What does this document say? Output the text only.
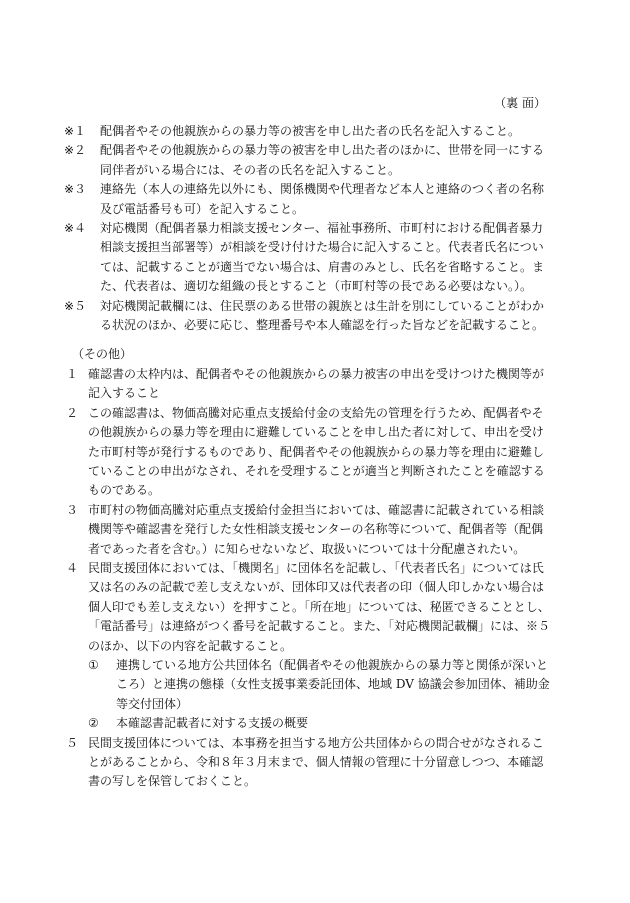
（裏 面）
※１	配偶者やその他親族からの暴力等の被害を申し出た者の氏名を記入すること。
※２	配偶者やその他親族からの暴力等の被害を申し出た者のほかに、世帯を同一にする同伴者がいる場合には、その者の氏名を記入すること。
※３	連絡先（本人の連絡先以外にも、関係機関や代理者など本人と連絡のつく者の名称及び電話番号も可）を記入すること。
※４	対応機関（配偶者暴力相談支援センター、福祉事務所、市町村における配偶者暴力相談支援担当部署等）が相談を受け付けた場合に記入すること。代表者氏名については、記載することが適当でない場合は、肩書のみとし、氏名を省略すること。また、代表者は、適切な組織の長とすること（市町村等の長である必要はない。）。
※５	対応機関記載欄には、住民票のある世帯の親族とは生計を別にしていることがわかる状況のほか、必要に応じ、整理番号や本人確認を行った旨などを記載すること。
（その他）
１ 確認書の太枠内は、配偶者やその他親族からの暴力被害の申出を受けつけた機関等が記入すること
２ この確認書は、物価高騰対応重点支援給付金の支給先の管理を行うため、配偶者やその他親族からの暴力等を理由に避難していることを申し出た者に対して、申出を受けた市町村等が発行するものであり、配偶者やその他親族からの暴力等を理由に避難していることの申出がなされ、それを受理することが適当と判断されたことを確認するものである。
３ 市町村の物価高騰対応重点支援給付金担当においては、確認書に記載されている相談機関等や確認書を発行した女性相談支援センターの名称等について、配偶者等（配偶者であった者を含む。）に知らせないなど、取扱いについては十分配慮されたい。
４ 民間支援団体においては、「機関名」に団体名を記載し、「代表者氏名」については氏又は名のみの記載で差し支えないが、団体印又は代表者の印（個人印しかない場合は個人印でも差し支えない）を押すこと。「所在地」については、秘匿できることとし、「電話番号」は連絡がつく番号を記載すること。また、「対応機関記載欄」には、※５のほか、以下の内容を記載すること。
①	連携している地方公共団体名（配偶者やその他親族からの暴力等と関係が深いところ）と連携の態様（女性支援事業委託団体、地域 DV 協議会参加団体、補助金等交付団体）
②	本確認書記載者に対する支援の概要
５ 民間支援団体については、本事務を担当する地方公共団体からの問合せがなされることがあることから、令和８年３月末まで、個人情報の管理に十分留意しつつ、本確認書の写しを保管しておくこと。
